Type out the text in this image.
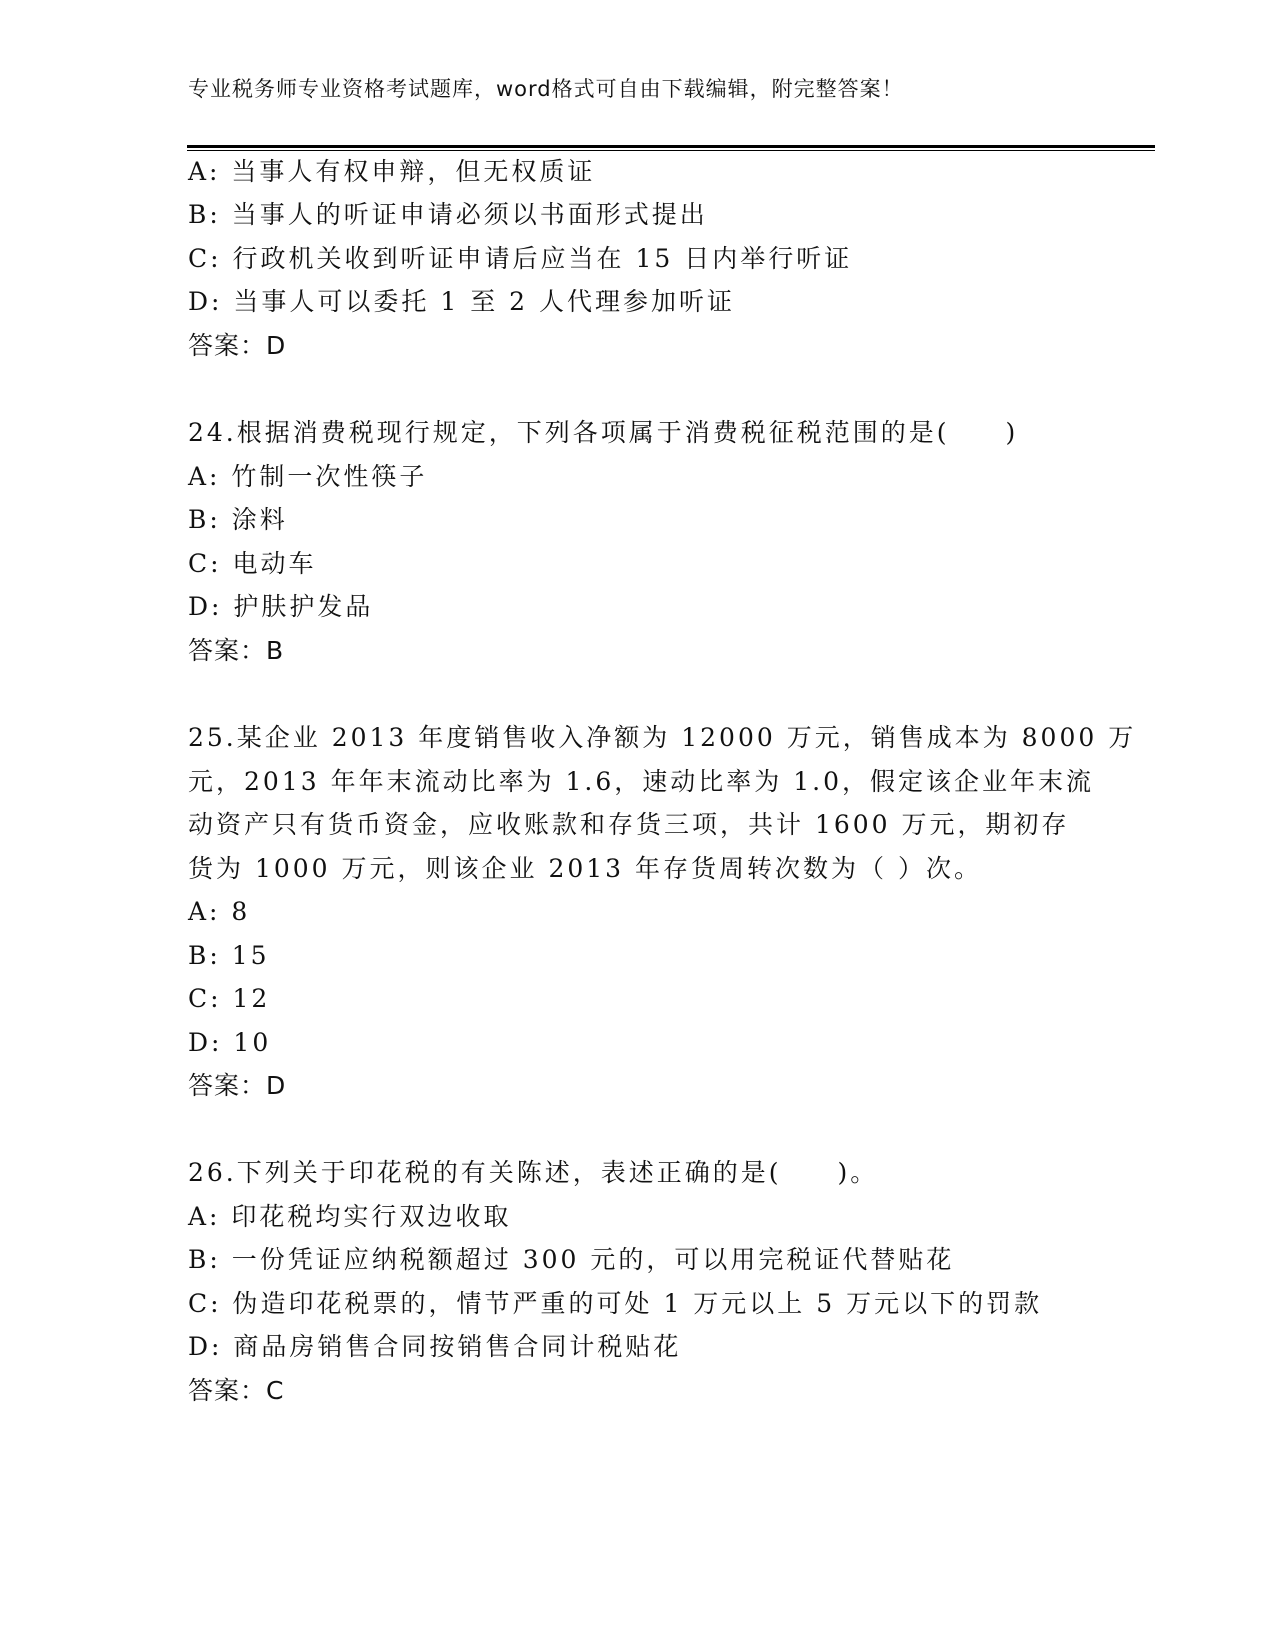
专业税务师专业资格考试题库，word格式可自由下载编辑，附完整答案！
A: 当事人有权申辩，但无权质证
B: 当事人的听证申请必须以书面形式提出
C: 行政机关收到听证申请后应当在 15 日内举行听证
D: 当事人可以委托 1 至 2 人代理参加听证
答案：D
24.根据消费税现行规定，下列各项属于消费税征税范围的是(　　)
A: 竹制一次性筷子
B: 涂料
C: 电动车
D: 护肤护发品
答案：B
25.某企业 2013 年度销售收入净额为 12000 万元，销售成本为 8000 万
元，2013 年年末流动比率为 1.6，速动比率为 1.0，假定该企业年末流
动资产只有货币资金，应收账款和存货三项，共计 1600 万元，期初存
货为 1000 万元，则该企业 2013 年存货周转次数为（ ）次。
A: 8
B: 15
C: 12
D: 10
答案：D
26.下列关于印花税的有关陈述，表述正确的是(　　)。
A: 印花税均实行双边收取
B: 一份凭证应纳税额超过 300 元的，可以用完税证代替贴花
C: 伪造印花税票的，情节严重的可处 1 万元以上 5 万元以下的罚款
D: 商品房销售合同按销售合同计税贴花
答案：C
